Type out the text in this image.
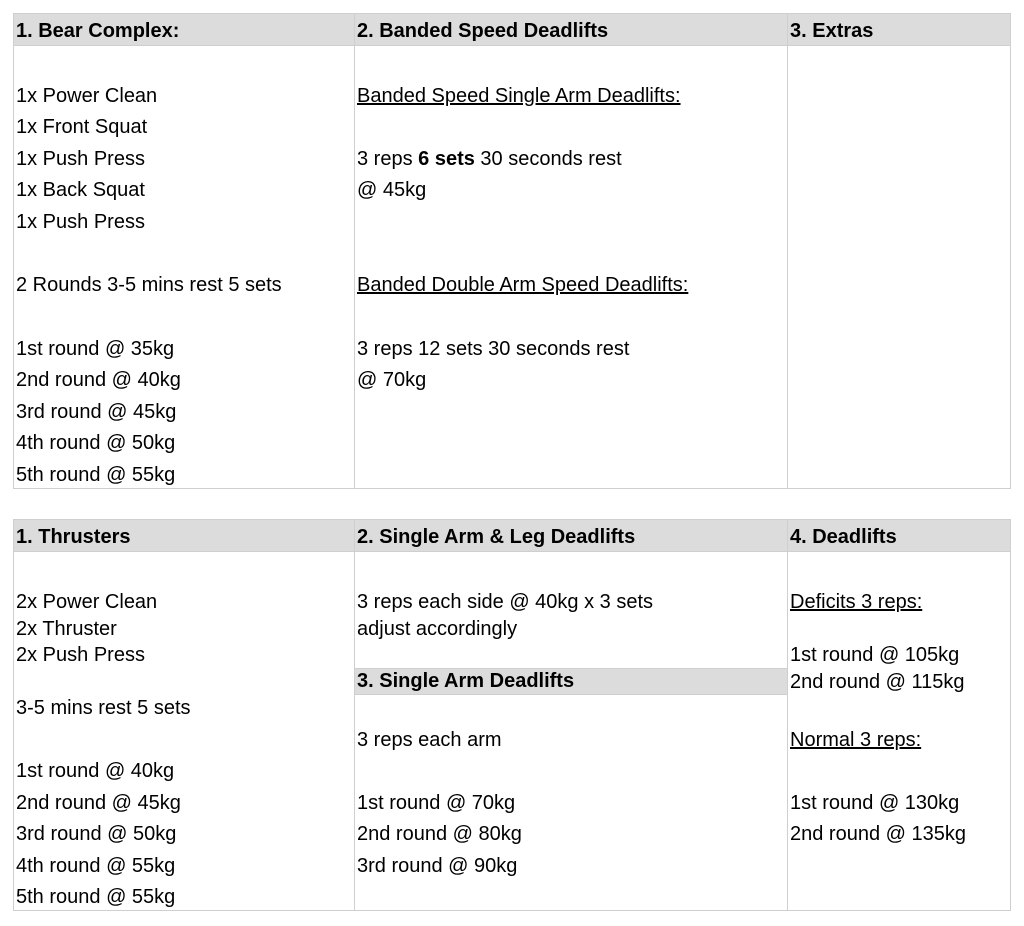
1. Bear Complex:
1x Power Clean
1x Front Squat
1x Push Press
1x Back Squat
1x Push Press
2 Rounds 3-5 mins rest 5 sets
1st round @ 35kg
2nd round @ 40kg
3rd round @ 45kg
4th round @ 50kg
5th round @ 55kg
2. Banded Speed Deadlifts
Banded Speed Single Arm Deadlifts:
3 reps 6 sets 30 seconds rest
@ 45kg
Banded Double Arm Speed Deadlifts:
3 reps 12 sets 30 seconds rest
@ 70kg
3. Extras
1. Thrusters
2x Power Clean
2x Thruster
2x Push Press
3-5 mins rest 5 sets
1st round @ 40kg
2nd round @ 45kg
3rd round @ 50kg
4th round @ 55kg
5th round @ 55kg
2. Single Arm & Leg Deadlifts
3 reps each side @ 40kg x 3 sets
adjust accordingly
3. Single Arm Deadlifts
3 reps each arm
1st round @ 70kg
2nd round @ 80kg
3rd round @ 90kg
4. Deadlifts
Deficits 3 reps:
1st round @ 105kg
2nd round @ 115kg
Normal 3 reps:
1st round @ 130kg
2nd round @ 135kg
